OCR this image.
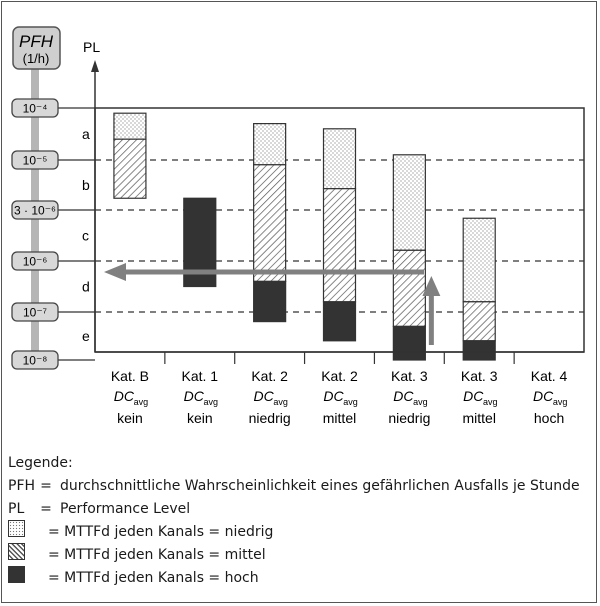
PFH
(1/h)
10⁻⁴
10⁻⁵
3 · 10⁻⁶
10⁻⁶
10⁻⁷
10⁻⁸
PL
a
b
c
d
e
Kat. B
DC avg
kein
Kat. 1
DC avg
kein
Kat. 2
DC avg
niedrig
Kat. 2
DC avg
mittel
Kat. 3
DC avg
niedrig
Kat. 3
DC avg
mittel
Kat. 4
DC avg
hoch
Legende:
PFH = durchschnittliche Wahrscheinlichkeit eines gefährlichen Ausfalls je Stunde
PL	= Performance Level
= MTTFd jeden Kanals = niedrig
= MTTFd jeden Kanals = mittel
= MTTFd jeden Kanals = hoch
